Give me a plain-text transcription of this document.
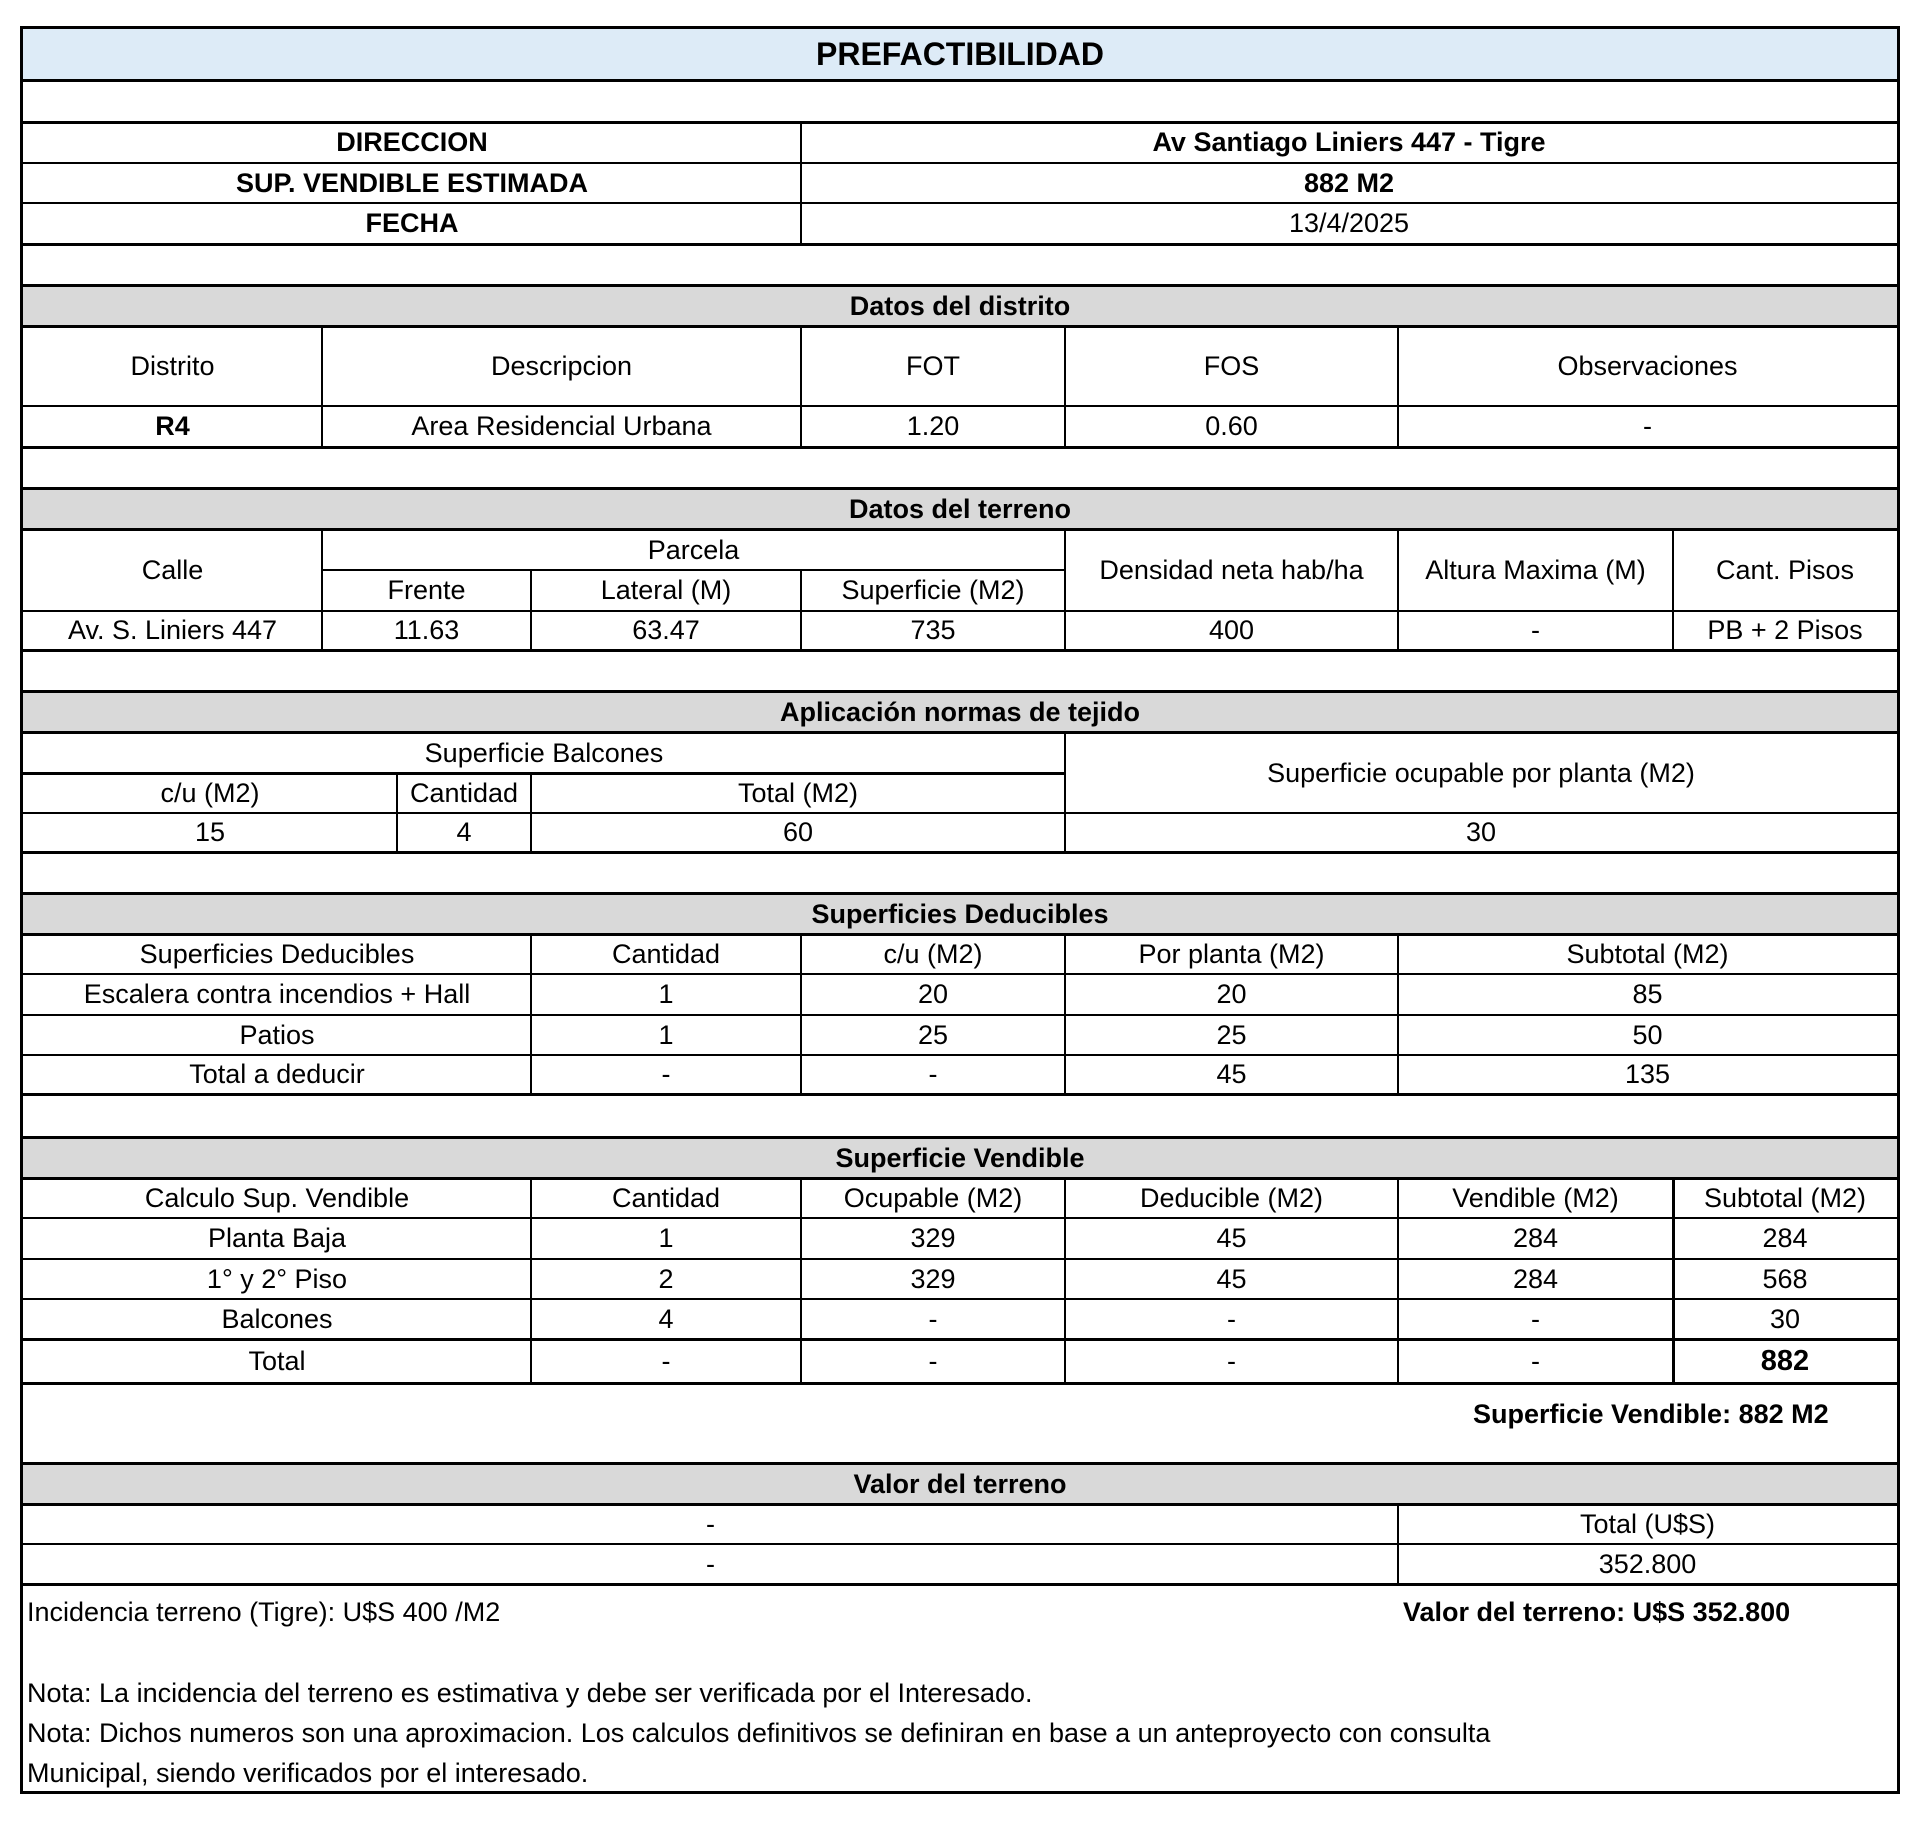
PREFACTIBILIDAD
DIRECCION	Av Santiago Liniers 447 - Tigre
SUP. VENDIBLE ESTIMADA	882 M2
FECHA	13/4/2025
Datos del distrito
Distrito	Descripcion	FOT	FOS	Observaciones
R4	Area Residencial Urbana	1.20	0.60	-
Datos del terreno
Calle
Parcela
Frente	Lateral (M)	Superficie (M2)
Densidad neta hab/ha	Altura Maxima (M)	Cant. Pisos
Av. S. Liniers 447	11.63	63.47	735	400	-	PB + 2 Pisos
Aplicación normas de tejido
Superficie Balcones
c/u (M2)	Cantidad	Total (M2)
Superficie ocupable por planta (M2)
15	4	60	30
Superficies Deducibles
Superficies Deducibles	Cantidad	c/u (M2)	Por planta (M2)	Subtotal (M2)
Escalera contra incendios + Hall	1	20	20	85
Patios	1	25	25	50
Total a deducir	-	-	45	135
Superficie Vendible
Calculo Sup. Vendible	Cantidad	Ocupable (M2)	Deducible (M2)	Vendible (M2)	Subtotal (M2)
Planta Baja	1	329	45	284	284
1° y 2° Piso	2	329	45	284	568
Balcones	4	-	-	-	30
Total	-	-	-	-	882
Superficie Vendible: 882 M2
Valor del terreno
-	Total (U$S)
-	352.800
Incidencia terreno (Tigre): U$S 400 /M2	Valor del terreno: U$S 352.800
Nota: La incidencia del terreno es estimativa y debe ser verificada por el Interesado.
Nota: Dichos numeros son una aproximacion. Los calculos definitivos se definiran en base a un anteproyecto con consulta
Municipal, siendo verificados por el interesado.
